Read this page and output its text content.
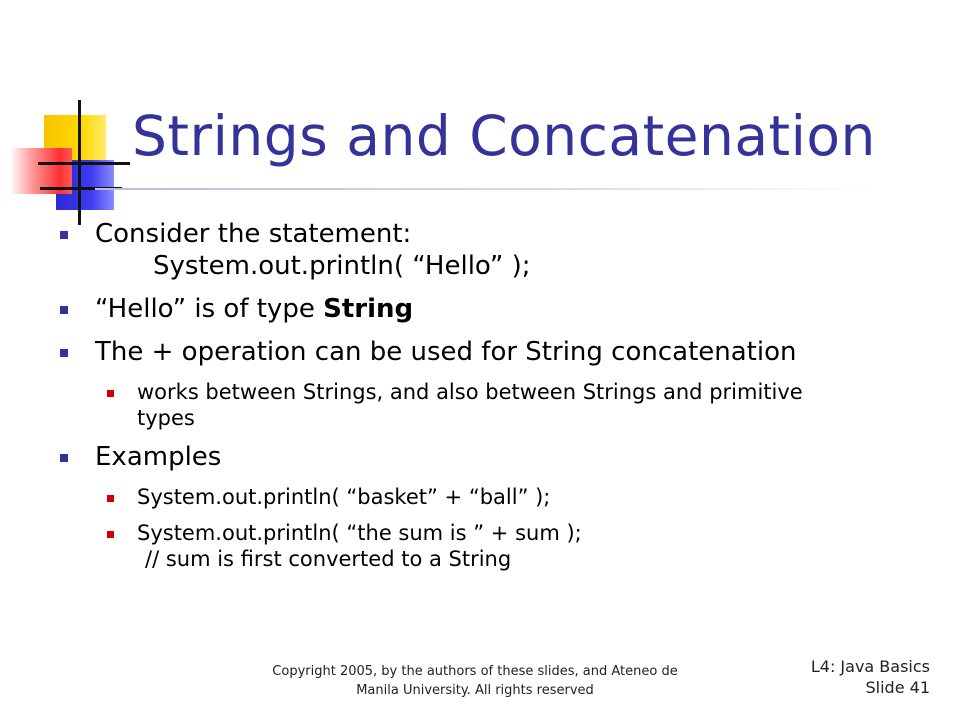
Strings and Concatenation
Consider the statement:
System.out.println( “Hello” );
“Hello” is of type String
The + operation can be used for String concatenation
works between Strings, and also between Strings and primitive
types
Examples
System.out.println( “basket” + “ball” );
System.out.println( “the sum is ” + sum );
// sum is first converted to a String
Copyright 2005, by the authors of these slides, and Ateneo de
Manila University. All rights reserved
L4: Java Basics
Slide 41
